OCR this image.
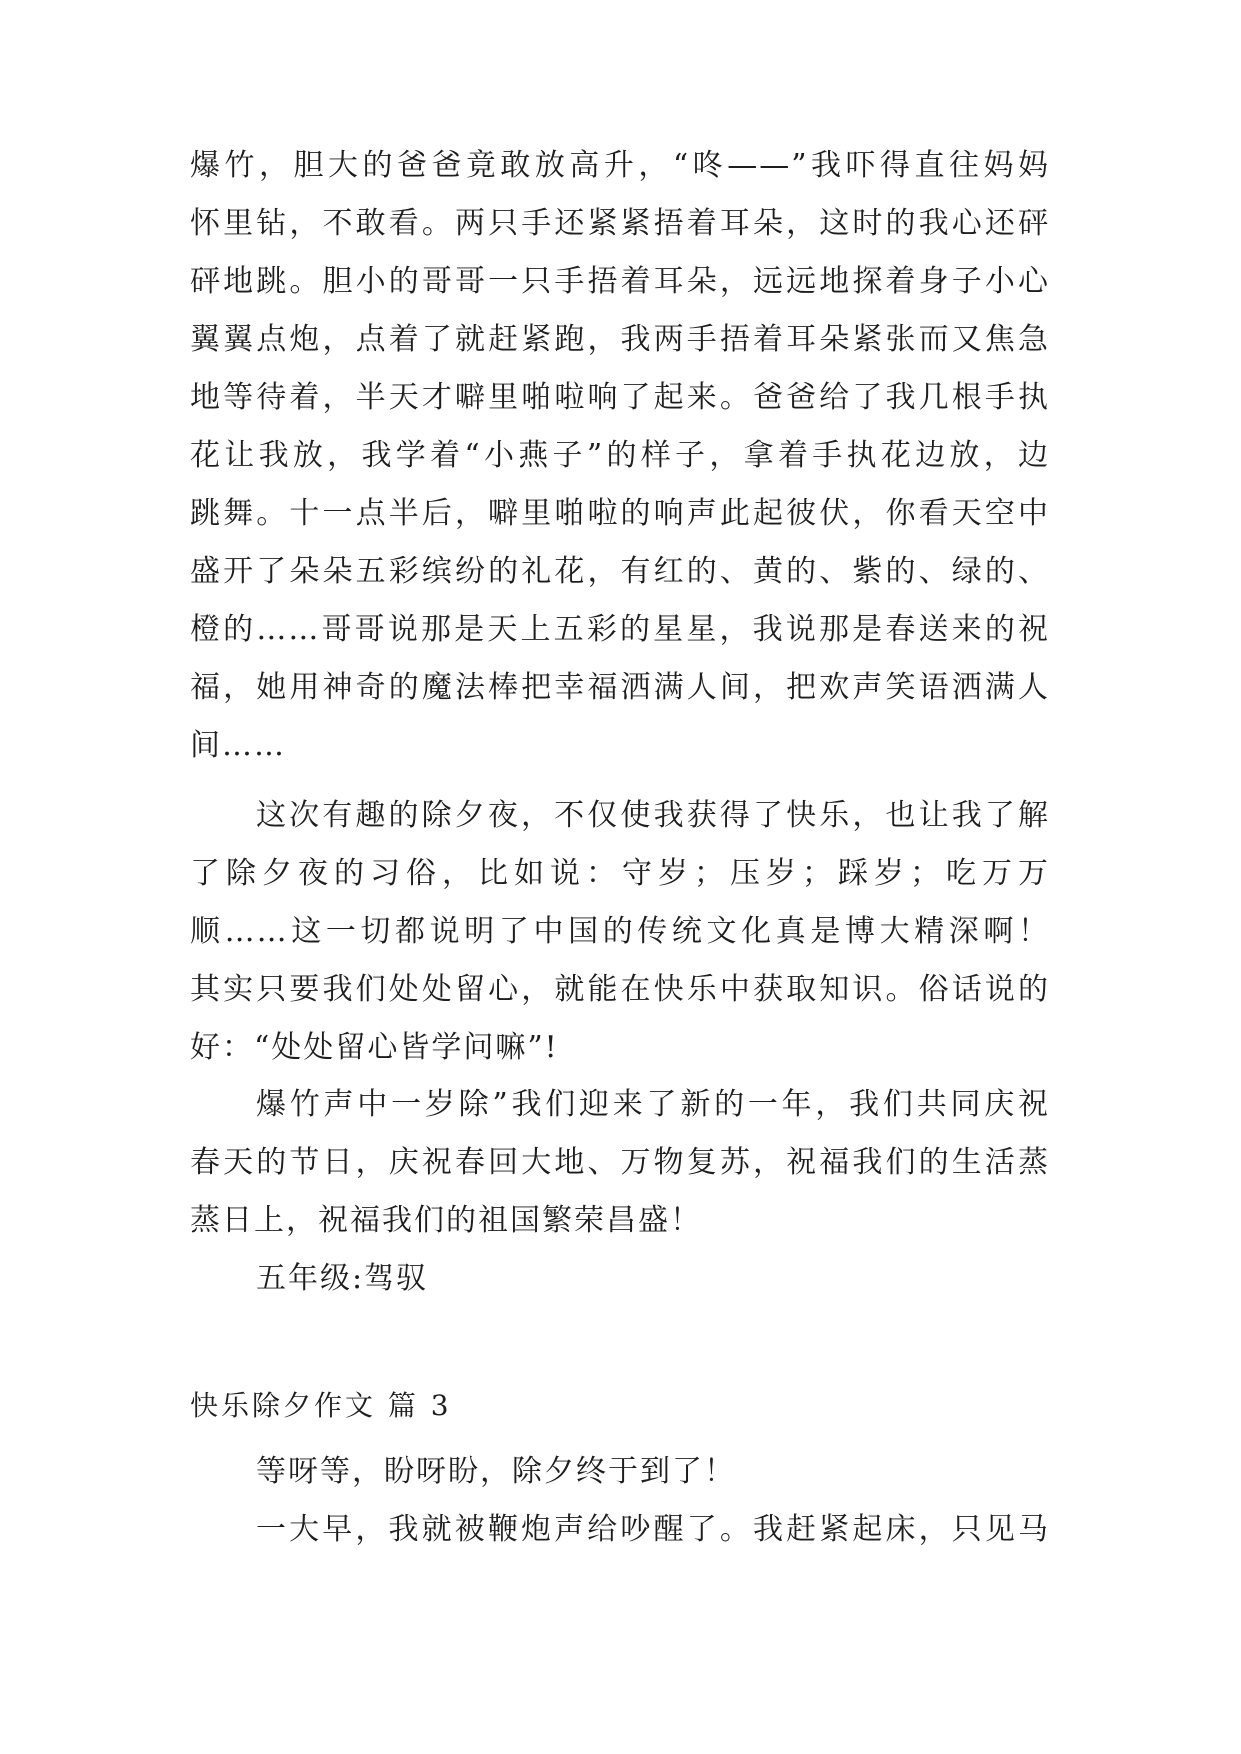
爆竹，胆大的爸爸竟敢放高升，“咚——”我吓得直往妈妈
怀里钻，不敢看。两只手还紧紧捂着耳朵，这时的我心还砰
砰地跳。胆小的哥哥一只手捂着耳朵，远远地探着身子小心
翼翼点炮，点着了就赶紧跑，我两手捂着耳朵紧张而又焦急
地等待着，半天才噼里啪啦响了起来。爸爸给了我几根手执
花让我放，我学着“小燕子”的样子，拿着手执花边放，边
跳舞。十一点半后，噼里啪啦的响声此起彼伏，你看天空中
盛开了朵朵五彩缤纷的礼花，有红的、黄的、紫的、绿的、
橙的……哥哥说那是天上五彩的星星，我说那是春送来的祝
福，她用神奇的魔法棒把幸福洒满人间，把欢声笑语洒满人
间……
这次有趣的除夕夜，不仅使我获得了快乐，也让我了解
了除夕夜的习俗，比如说：守岁；压岁；踩岁；吃万万
顺……这一切都说明了中国的传统文化真是博大精深啊！
其实只要我们处处留心，就能在快乐中获取知识。俗话说的
好：“处处留心皆学问嘛”!
爆竹声中一岁除”我们迎来了新的一年，我们共同庆祝
春天的节日，庆祝春回大地、万物复苏，祝福我们的生活蒸
蒸日上，祝福我们的祖国繁荣昌盛！
五年级:驾驭
快乐除夕作文 篇 3
等呀等，盼呀盼，除夕终于到了！
一大早，我就被鞭炮声给吵醒了。我赶紧起床，只见马
